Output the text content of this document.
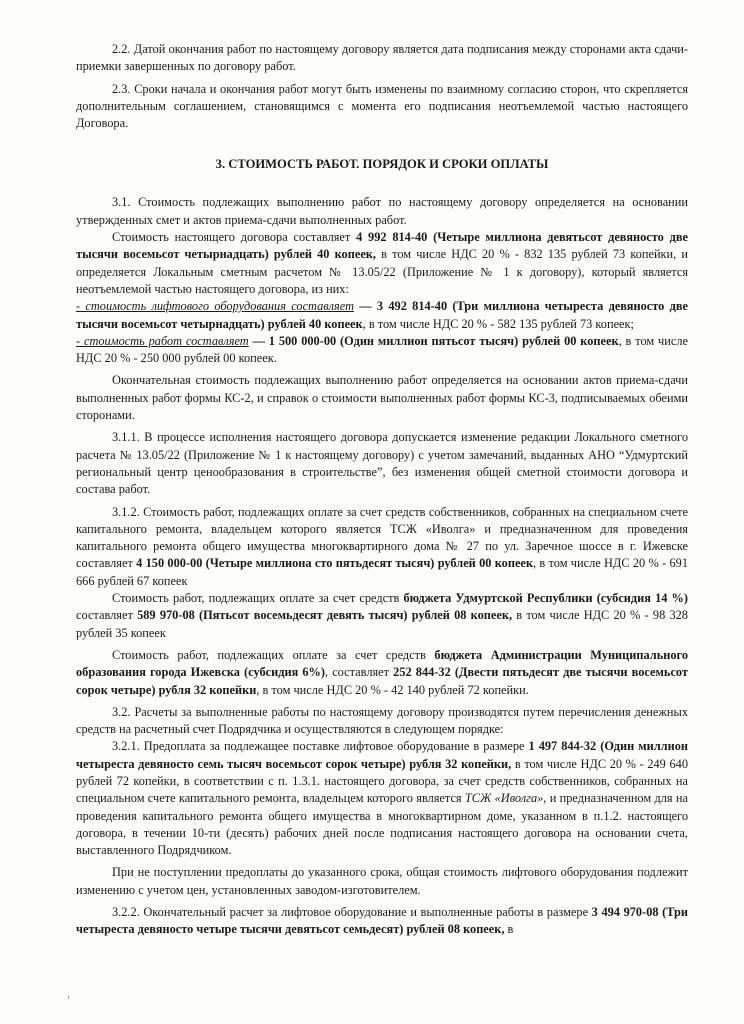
2.2. Датой окончания работ по настоящему договору является дата подписания между сторонами акта сдачи-приемки завершенных по договору работ.

2.3. Сроки начала и окончания работ могут быть изменены по взаимному согласию сторон, что скрепляется дополнительным соглашением, становящимся с момента его подписания неотъемлемой частью настоящего Договора.

3. СТОИМОСТЬ РАБОТ. ПОРЯДОК И СРОКИ ОПЛАТЫ

3.1. Стоимость подлежащих выполнению работ по настоящему договору определяется на основании утвержденных смет и актов приема-сдачи выполненных работ.

Стоимость настоящего договора составляет 4 992 814-40 (Четыре миллиона девятьсот девяносто две тысячи восемьсот четырнадцать) рублей 40 копеек, в том числе НДС 20 % - 832 135 рублей 73 копейки, и определяется Локальным сметным расчетом № 13.05/22 (Приложение № 1 к договору), который является неотъемлемой частью настоящего договора, из них:

- стоимость лифтового оборудования составляет — 3 492 814-40 (Три миллиона четыреста девяносто две тысячи восемьсот четырнадцать) рублей 40 копеек, в том числе НДС 20 % - 582 135 рублей 73 копеек;

- стоимость работ составляет — 1 500 000-00 (Один миллион пятьсот тысяч) рублей 00 копеек, в том числе НДС 20 % - 250 000 рублей 00 копеек.

Окончательная стоимость подлежащих выполнению работ определяется на основании актов приема-сдачи выполненных работ формы КС-2, и справок о стоимости выполненных работ формы КС-3, подписываемых обеими сторонами.

3.1.1. В процессе исполнения настоящего договора допускается изменение редакции Локального сметного расчета № 13.05/22 (Приложение № 1 к настоящему договору) с учетом замечаний, выданных АНО “Удмуртский региональный центр ценообразования в строительстве”, без изменения общей сметной стоимости договора и состава работ.

3.1.2. Стоимость работ, подлежащих оплате за счет средств собственников, собранных на специальном счете капитального ремонта, владельцем которого является ТСЖ «Иволга» и предназначенном для проведения капитального ремонта общего имущества многоквартирного дома № 27 по ул. Заречное шоссе в г. Ижевске составляет 4 150 000-00 (Четыре миллиона сто пятьдесят тысяч) рублей 00 копеек, в том числе НДС 20 % - 691 666 рублей 67 копеек

Стоимость работ, подлежащих оплате за счет средств бюджета Удмуртской Республики (субсидия 14 %) составляет 589 970-08 (Пятьсот восемьдесят девять тысяч) рублей 08 копеек, в том числе НДС 20 % - 98 328 рублей 35 копеек

Стоимость работ, подлежащих оплате за счет средств бюджета Администрации Муниципального образования города Ижевска (субсидия 6%), составляет 252 844-32 (Двести пятьдесят две тысячи восемьсот сорок четыре) рубля 32 копейки, в том числе НДС 20 % - 42 140 рублей 72 копейки.

3.2. Расчеты за выполненные работы по настоящему договору производятся путем перечисления денежных средств на расчетный счет Подрядчика и осуществляются в следующем порядке:

3.2.1. Предоплата за подлежащее поставке лифтовое оборудование в размере 1 497 844-32 (Один миллион четыреста девяносто семь тысяч восемьсот сорок четыре) рубля 32 копейки, в том числе НДС 20 % - 249 640 рублей 72 копейки, в соответствии с п. 1.3.1. настоящего договора, за счет средств собственников, собранных на специальном счете капитального ремонта, владельцем которого является ТСЖ «Иволга», и предназначенном для на проведения капитального ремонта общего имущества в многоквартирном доме, указанном в п.1.2. настоящего договора, в течении 10-ти (десять) рабочих дней после подписания настоящего договора на основании счета, выставленного Подрядчиком.

При не поступлении предоплаты до указанного срока, общая стоимость лифтового оборудования подлежит изменению с учетом цен, установленных заводом-изготовителем.

3.2.2. Окончательный расчет за лифтовое оборудование и выполненные работы в размере 3 494 970-08 (Три четыреста девяносто четыре тысячи девятьсот семьдесят) рублей 08 копеек, в
